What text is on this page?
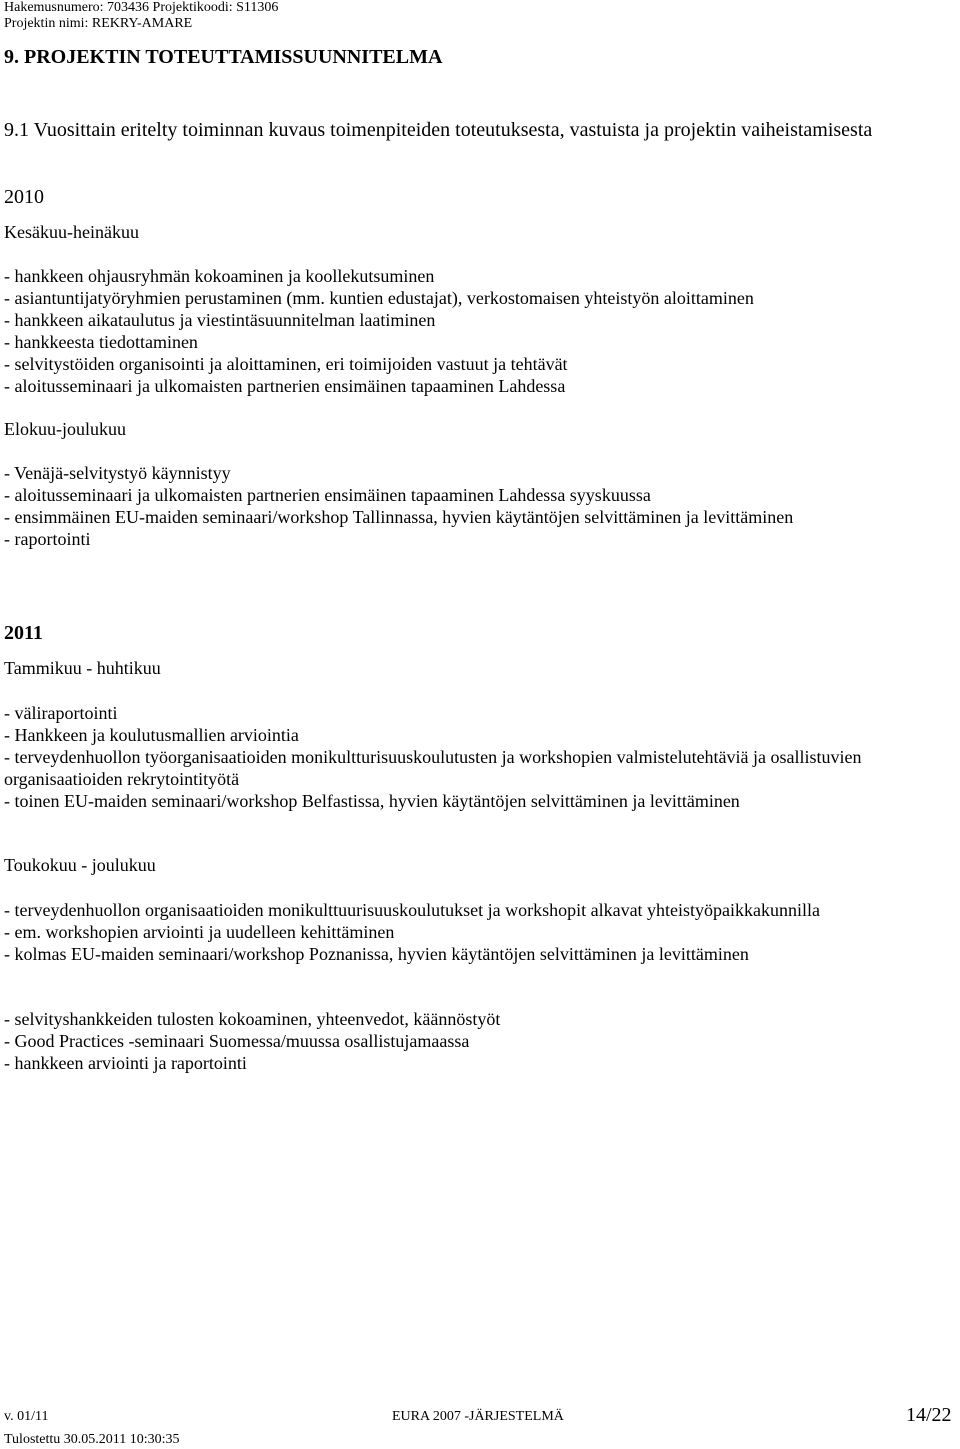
Hakemusnumero: 703436 Projektikoodi: S11306
Projektin nimi: REKRY-AMARE
9. PROJEKTIN TOTEUTTAMISSUUNNITELMA
9.1 Vuosittain eritelty toiminnan kuvaus toimenpiteiden toteutuksesta, vastuista ja projektin vaiheistamisesta
2010
Kesäkuu-heinäkuu
- hankkeen ohjausryhmän kokoaminen ja koollekutsuminen
- asiantuntijatyöryhmien perustaminen (mm. kuntien edustajat), verkostomaisen yhteistyön aloittaminen
- hankkeen aikataulutus ja viestintäsuunnitelman laatiminen
- hankkeesta tiedottaminen
- selvitystöiden organisointi ja aloittaminen, eri toimijoiden vastuut ja tehtävät
- aloitusseminaari ja ulkomaisten partnerien ensimäinen tapaaminen Lahdessa
Elokuu-joulukuu
- Venäjä-selvitystyö käynnistyy
- aloitusseminaari ja ulkomaisten partnerien ensimäinen tapaaminen Lahdessa syyskuussa
- ensimmäinen EU-maiden seminaari/workshop Tallinnassa, hyvien käytäntöjen selvittäminen ja levittäminen
- raportointi
2011
Tammikuu - huhtikuu
- väliraportointi
- Hankkeen ja koulutusmallien arviointia
- terveydenhuollon työorganisaatioiden monikultturisuuskoulutusten ja workshopien valmistelutehtäviä ja osallistuvien organisaatioiden rekrytointityötä
- toinen EU-maiden seminaari/workshop Belfastissa, hyvien käytäntöjen selvittäminen ja levittäminen
Toukokuu - joulukuu
- terveydenhuollon organisaatioiden monikulttuurisuuskoulutukset ja workshopit alkavat yhteistyöpaikkakunnilla
- em. workshopien arviointi ja uudelleen kehittäminen
- kolmas EU-maiden seminaari/workshop Poznanissa, hyvien käytäntöjen selvittäminen ja levittäminen
- selvityshankkeiden tulosten kokoaminen, yhteenvedot, käännöstyöt
- Good Practices -seminaari Suomessa/muussa osallistujamaassa
- hankkeen arviointi ja raportointi
v. 01/11	EURA 2007 -JÄRJESTELMÄ	14/22
Tulostettu 30.05.2011 10:30:35
